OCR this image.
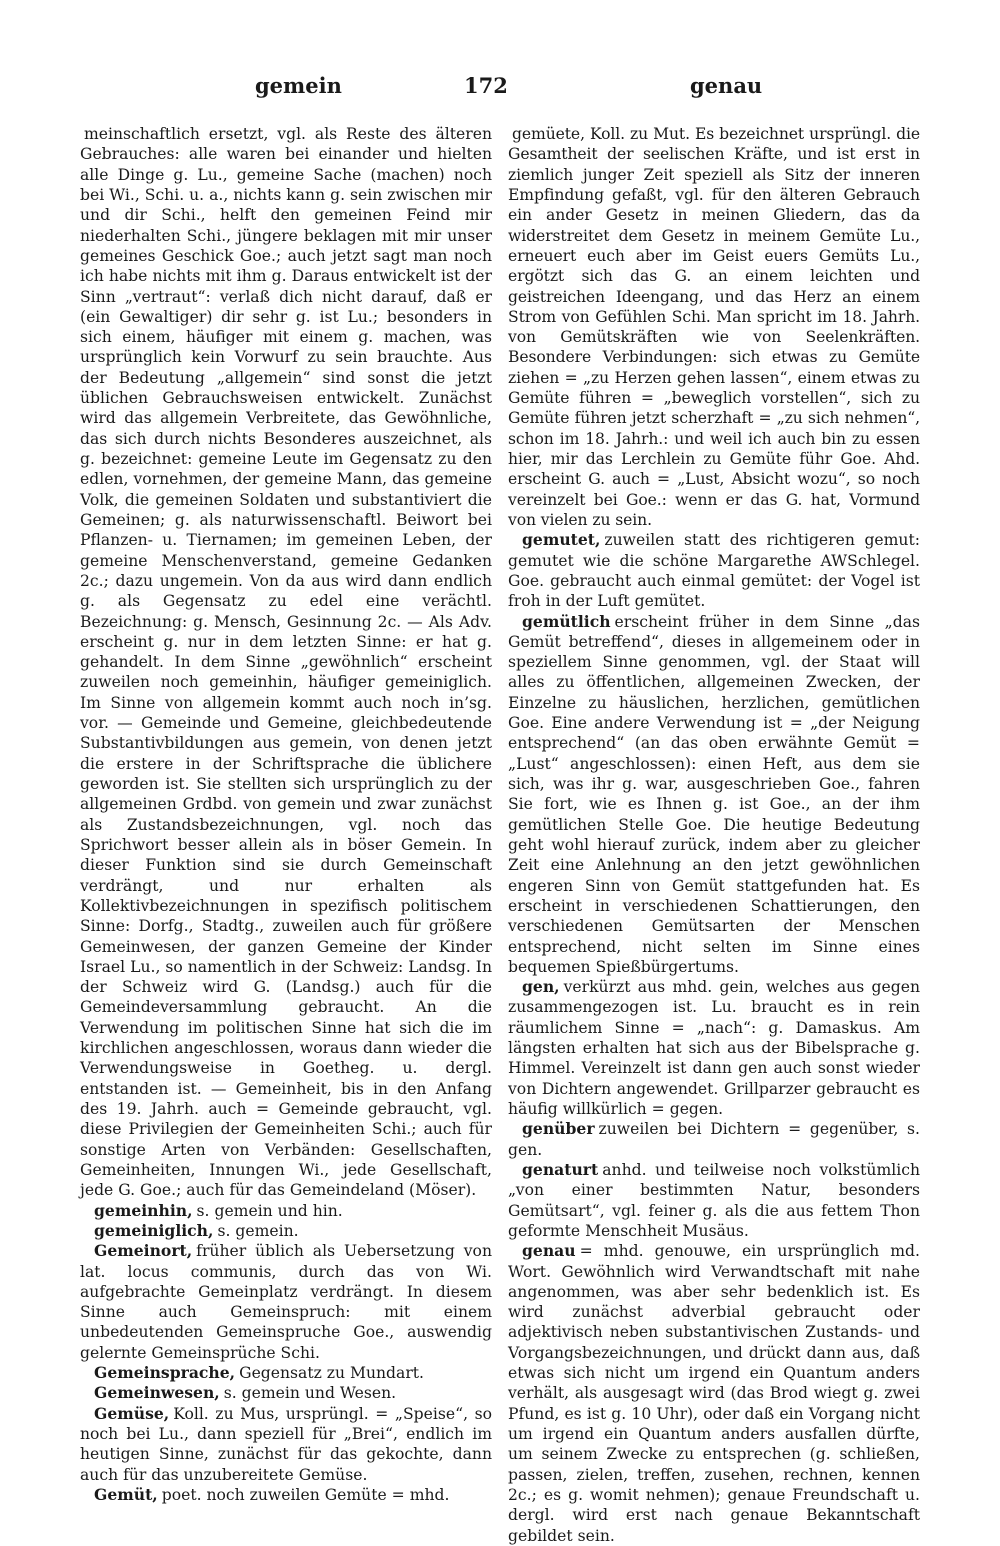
gemein	172	genau

meinschaftlich ersetzt, vgl. als Reste des älteren Gebrauches: alle waren bei einander und hielten alle Dinge g. Lu., gemeine Sache (machen) noch bei Wi., Schi. u. a., nichts kann g. sein zwischen mir und dir Schi., helft den gemeinen Feind mir niederhalten Schi., jüngere beklagen mit mir unser gemeines Geschick Goe.; auch jetzt sagt man noch ich habe nichts mit ihm g. Daraus entwickelt ist der Sinn „vertraut“: verlaß dich nicht darauf, daß er (ein Gewaltiger) dir sehr g. ist Lu.; besonders in sich einem, häufiger mit einem g. machen, was ursprünglich kein Vorwurf zu sein brauchte. Aus der Bedeutung „allgemein“ sind sonst die jetzt üblichen Gebrauchsweisen entwickelt. Zunächst wird das allgemein Verbreitete, das Gewöhnliche, das sich durch nichts Besonderes auszeichnet, als g. bezeichnet: gemeine Leute im Gegensatz zu den edlen, vornehmen, der gemeine Mann, das gemeine Volk, die gemeinen Soldaten und substantiviert die Gemeinen; g. als naturwissenschaftl. Beiwort bei Pflanzen- u. Tiernamen; im gemeinen Leben, der gemeine Menschenverstand, gemeine Gedanken 2c.; dazu ungemein. Von da aus wird dann endlich g. als Gegensatz zu edel eine verächtl. Bezeichnung: g. Mensch, Gesinnung 2c. — Als Adv. erscheint g. nur in dem letzten Sinne: er hat g. gehandelt. In dem Sinne „gewöhnlich“ erscheint zuweilen noch gemeinhin, häufiger gemeiniglich. Im Sinne von allgemein kommt auch noch in’sg. vor. — Gemeinde und Gemeine, gleichbedeutende Substantivbildungen aus gemein, von denen jetzt die erstere in der Schriftsprache die üblichere geworden ist. Sie stellten sich ursprünglich zu der allgemeinen Grdbd. von gemein und zwar zunächst als Zustandsbezeichnungen, vgl. noch das Sprichwort besser allein als in böser Gemein. In dieser Funktion sind sie durch Gemeinschaft verdrängt, und nur erhalten als Kollektivbezeichnungen in spezifisch politischem Sinne: Dorfg., Stadtg., zuweilen auch für größere Gemeinwesen, der ganzen Gemeine der Kinder Israel Lu., so namentlich in der Schweiz: Landsg. In der Schweiz wird G. (Landsg.) auch für die Gemeindeversammlung gebraucht. An die Verwendung im politischen Sinne hat sich die im kirchlichen angeschlossen, woraus dann wieder die Verwendungsweise in Goetheg. u. dergl. entstanden ist. — Gemeinheit, bis in den Anfang des 19. Jahrh. auch = Gemeinde gebraucht, vgl. diese Privilegien der Gemeinheiten Schi.; auch für sonstige Arten von Verbänden: Gesellschaften, Gemeinheiten, Innungen Wi., jede Gesellschaft, jede G. Goe.; auch für das Gemeindeland (Möser).

gemeinhin, s. gemein und hin.

gemeiniglich, s. gemein.

Gemeinort, früher üblich als Uebersetzung von lat. locus communis, durch das von Wi. aufgebrachte Gemeinplatz verdrängt. In diesem Sinne auch Gemeinspruch: mit einem unbedeutenden Gemeinspruche Goe., auswendig gelernte Gemeinsprüche Schi.

Gemeinsprache, Gegensatz zu Mundart.

Gemeinwesen, s. gemein und Wesen.

Gemüse, Koll. zu Mus, ursprüngl. = „Speise“, so noch bei Lu., dann speziell für „Brei“, endlich im heutigen Sinne, zunächst für das gekochte, dann auch für das unzubereitete Gemüse.

Gemüt, poet. noch zuweilen Gemüte = mhd.

gemüete, Koll. zu Mut. Es bezeichnet ursprüngl. die Gesamtheit der seelischen Kräfte, und ist erst in ziemlich junger Zeit speziell als Sitz der inneren Empfindung gefaßt, vgl. für den älteren Gebrauch ein ander Gesetz in meinen Gliedern, das da widerstreitet dem Gesetz in meinem Gemüte Lu., erneuert euch aber im Geist euers Gemüts Lu., ergötzt sich das G. an einem leichten und geistreichen Ideengang, und das Herz an einem Strom von Gefühlen Schi. Man spricht im 18. Jahrh. von Gemütskräften wie von Seelenkräften. Besondere Verbindungen: sich etwas zu Gemüte ziehen = „zu Herzen gehen lassen“, einem etwas zu Gemüte führen = „beweglich vorstellen“, sich zu Gemüte führen jetzt scherzhaft = „zu sich nehmen“, schon im 18. Jahrh.: und weil ich auch bin zu essen hier, mir das Lerchlein zu Gemüte führ Goe. Ahd. erscheint G. auch = „Lust, Absicht wozu“, so noch vereinzelt bei Goe.: wenn er das G. hat, Vormund von vielen zu sein.

gemutet, zuweilen statt des richtigeren gemut: gemutet wie die schöne Margarethe AWSchlegel. Goe. gebraucht auch einmal gemütet: der Vogel ist froh in der Luft gemütet.

gemütlich erscheint früher in dem Sinne „das Gemüt betreffend“, dieses in allgemeinem oder in speziellem Sinne genommen, vgl. der Staat will alles zu öffentlichen, allgemeinen Zwecken, der Einzelne zu häuslichen, herzlichen, gemütlichen Goe. Eine andere Verwendung ist = „der Neigung entsprechend“ (an das oben erwähnte Gemüt = „Lust“ angeschlossen): einen Heft, aus dem sie sich, was ihr g. war, ausgeschrieben Goe., fahren Sie fort, wie es Ihnen g. ist Goe., an der ihm gemütlichen Stelle Goe. Die heutige Bedeutung geht wohl hierauf zurück, indem aber zu gleicher Zeit eine Anlehnung an den jetzt gewöhnlichen engeren Sinn von Gemüt stattgefunden hat. Es erscheint in verschiedenen Schattierungen, den verschiedenen Gemütsarten der Menschen entsprechend, nicht selten im Sinne eines bequemen Spießbürgertums.

gen, verkürzt aus mhd. gein, welches aus gegen zusammengezogen ist. Lu. braucht es in rein räumlichem Sinne = „nach“: g. Damaskus. Am längsten erhalten hat sich aus der Bibelsprache g. Himmel. Vereinzelt ist dann gen auch sonst wieder von Dichtern angewendet. Grillparzer gebraucht es häufig willkürlich = gegen.

genüber zuweilen bei Dichtern = gegenüber, s. gen.

genaturt anhd. und teilweise noch volkstümlich „von einer bestimmten Natur, besonders Gemütsart“, vgl. feiner g. als die aus fettem Thon geformte Menschheit Musäus.

genau = mhd. genouwe, ein ursprünglich md. Wort. Gewöhnlich wird Verwandtschaft mit nahe angenommen, was aber sehr bedenklich ist. Es wird zunächst adverbial gebraucht oder adjektivisch neben substantivischen Zustands- und Vorgangsbezeichnungen, und drückt dann aus, daß etwas sich nicht um irgend ein Quantum anders verhält, als ausgesagt wird (das Brod wiegt g. zwei Pfund, es ist g. 10 Uhr), oder daß ein Vorgang nicht um irgend ein Quantum anders ausfallen dürfte, um seinem Zwecke zu entsprechen (g. schließen, passen, zielen, treffen, zusehen, rechnen, kennen 2c.; es g. womit nehmen); genaue Freundschaft u. dergl. wird erst nach genaue Bekanntschaft gebildet sein.
